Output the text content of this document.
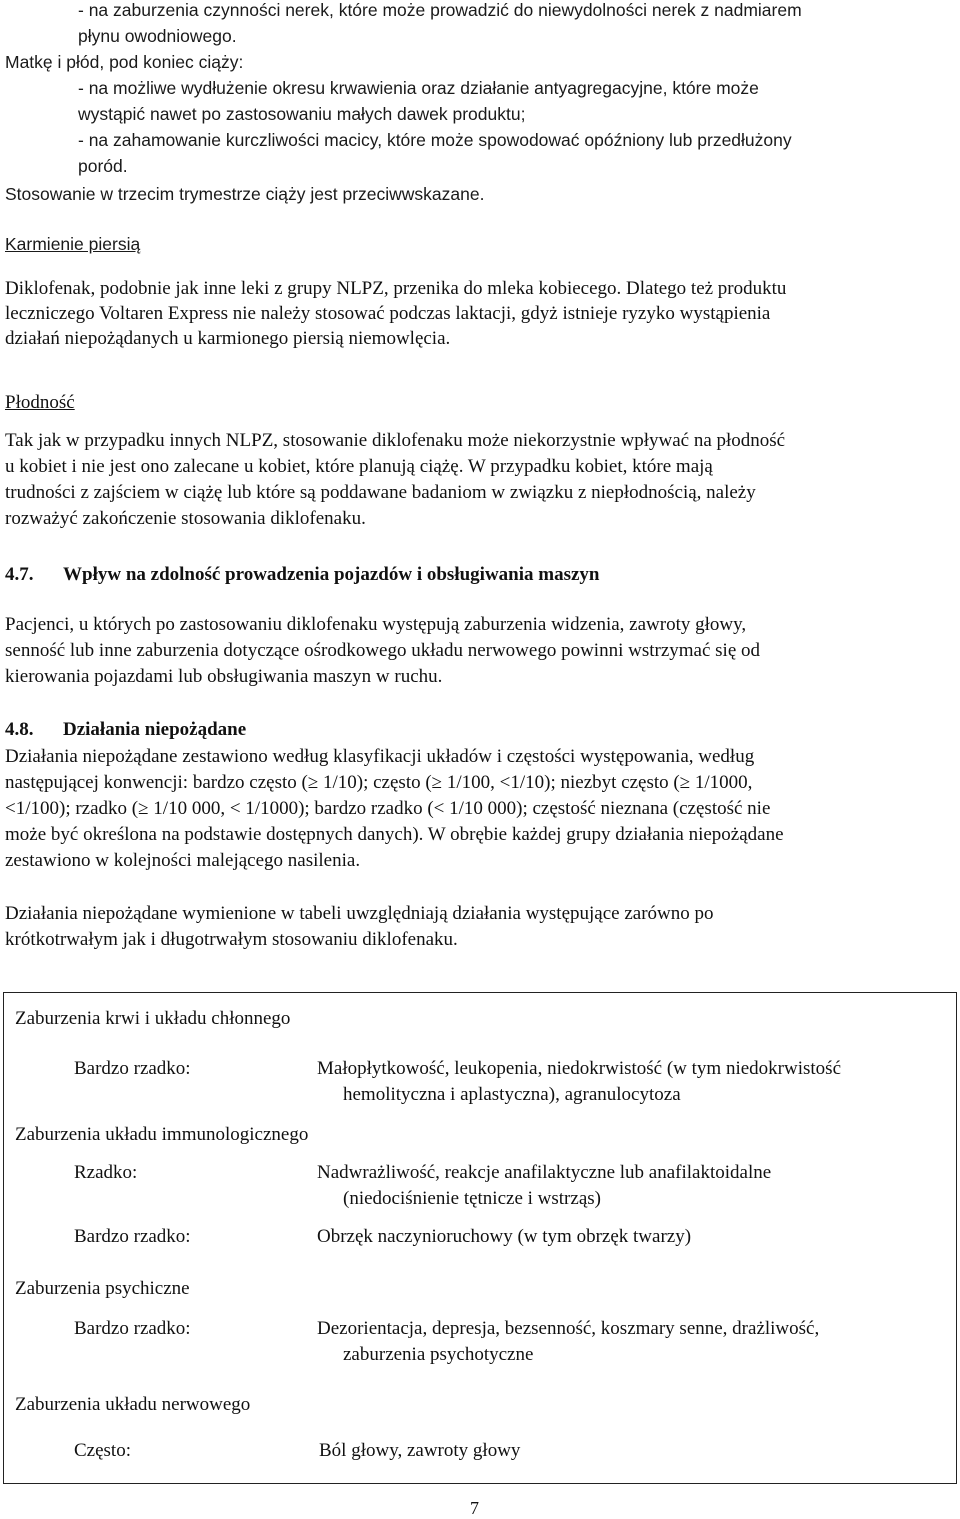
- na zaburzenia czynności nerek, które może prowadzić do niewydolności nerek z nadmiarem
płynu owodniowego.
Matkę i płód, pod koniec ciąży:
- na możliwe wydłużenie okresu krwawienia oraz działanie antyagregacyjne, które może
wystąpić nawet po zastosowaniu małych dawek produktu;
- na zahamowanie kurczliwości macicy, które może spowodować opóźniony lub przedłużony
poród.
Stosowanie w trzecim trymestrze ciąży jest przeciwwskazane.
Karmienie piersią
Diklofenak, podobnie jak inne leki z grupy NLPZ, przenika do mleka kobiecego. Dlatego też produktu
leczniczego Voltaren Express nie należy stosować podczas laktacji, gdyż istnieje ryzyko wystąpienia
działań niepożądanych u karmionego piersią niemowlęcia.
Płodność
Tak jak w przypadku innych NLPZ, stosowanie diklofenaku może niekorzystnie wpływać na płodność
u kobiet i nie jest ono zalecane u kobiet, które planują ciążę. W przypadku kobiet, które mają
trudności z zajściem w ciążę lub które są poddawane badaniom w związku z niepłodnością, należy
rozważyć zakończenie stosowania diklofenaku.
4.7. Wpływ na zdolność prowadzenia pojazdów i obsługiwania maszyn
Pacjenci, u których po zastosowaniu diklofenaku występują zaburzenia widzenia, zawroty głowy,
senność lub inne zaburzenia dotyczące ośrodkowego układu nerwowego powinni wstrzymać się od
kierowania pojazdami lub obsługiwania maszyn w ruchu.
4.8. Działania niepożądane
Działania niepożądane zestawiono według klasyfikacji układów i częstości występowania, według
następującej konwencji: bardzo często (≥ 1/10); często (≥ 1/100, <1/10); niezbyt często (≥ 1/1000,
<1/100); rzadko (≥ 1/10 000, < 1/1000); bardzo rzadko (< 1/10 000); częstość nieznana (częstość nie
może być określona na podstawie dostępnych danych). W obrębie każdej grupy działania niepożądane
zestawiono w kolejności malejącego nasilenia.
Działania niepożądane wymienione w tabeli uwzględniają działania występujące zarówno po
krótkotrwałym jak i długotrwałym stosowaniu diklofenaku.
Zaburzenia krwi i układu chłonnego
Bardzo rzadko:	Małopłytkowość, leukopenia, niedokrwistość (w tym niedokrwistość
hemolityczna i aplastyczna), agranulocytoza
Zaburzenia układu immunologicznego
Rzadko:	Nadwrażliwość, reakcje anafilaktyczne lub anafilaktoidalne
(niedociśnienie tętnicze i wstrząs)
Bardzo rzadko:	Obrzęk naczynioruchowy (w tym obrzęk twarzy)
Zaburzenia psychiczne
Bardzo rzadko:	Dezorientacja, depresja, bezsenność, koszmary senne, drażliwość,
zaburzenia psychotyczne
Zaburzenia układu nerwowego
Często:	Ból głowy, zawroty głowy
7
